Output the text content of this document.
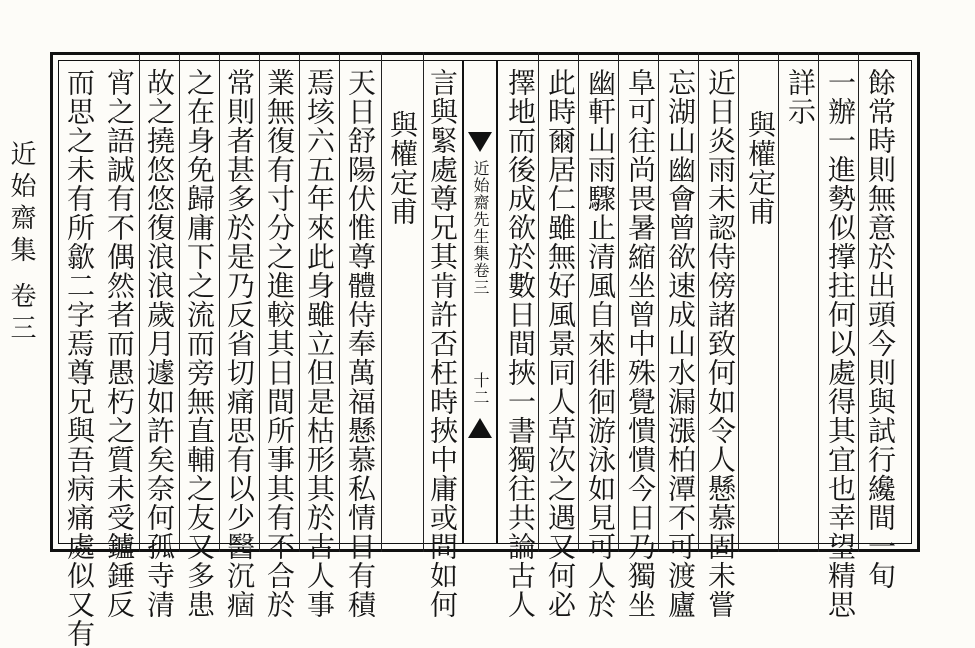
近始齋先生集卷三
十二
近始齋集
卷三	餘常時則無意於出頭今則與試行纔間一旬
一辦一進勢似撑拄何以處得其宜也幸望精思
詳示
與權定甫
近日炎雨未認侍傍諸致何如令人懸慕固未嘗
忘湖山幽會曾欲速成山水漏漲柏潭不可渡廬
阜可往尚畏暑縮坐曾中殊覺憒憒今日乃獨坐
幽軒山雨驟止清風自來徘徊游泳如見可人於
此時爾居仁雖無好風景同人草次之遇又何必
擇地而後成欲於數日間挾一書獨往共論古人
言與緊處尊兄其肯許否枉時挾中庸或問如何
與權定甫
天日舒陽伏惟尊體侍奉萬福懸慕私情日有積
焉垓六五年來此身雖立但是枯形其於古人事
業無復有寸分之進較其日間所事其有不合於
常則者甚多於是乃反省切痛思有以少醫沉痼
之在身免歸庸下之流而旁無直輔之友又多患
故之撓悠悠復浪浪歲月遽如許矣奈何孤寺清
宵之語誠有不偶然者而愚朽之質未受鑪錘反
而思之未有所歙二字焉尊兄與吾病痛處似又有
